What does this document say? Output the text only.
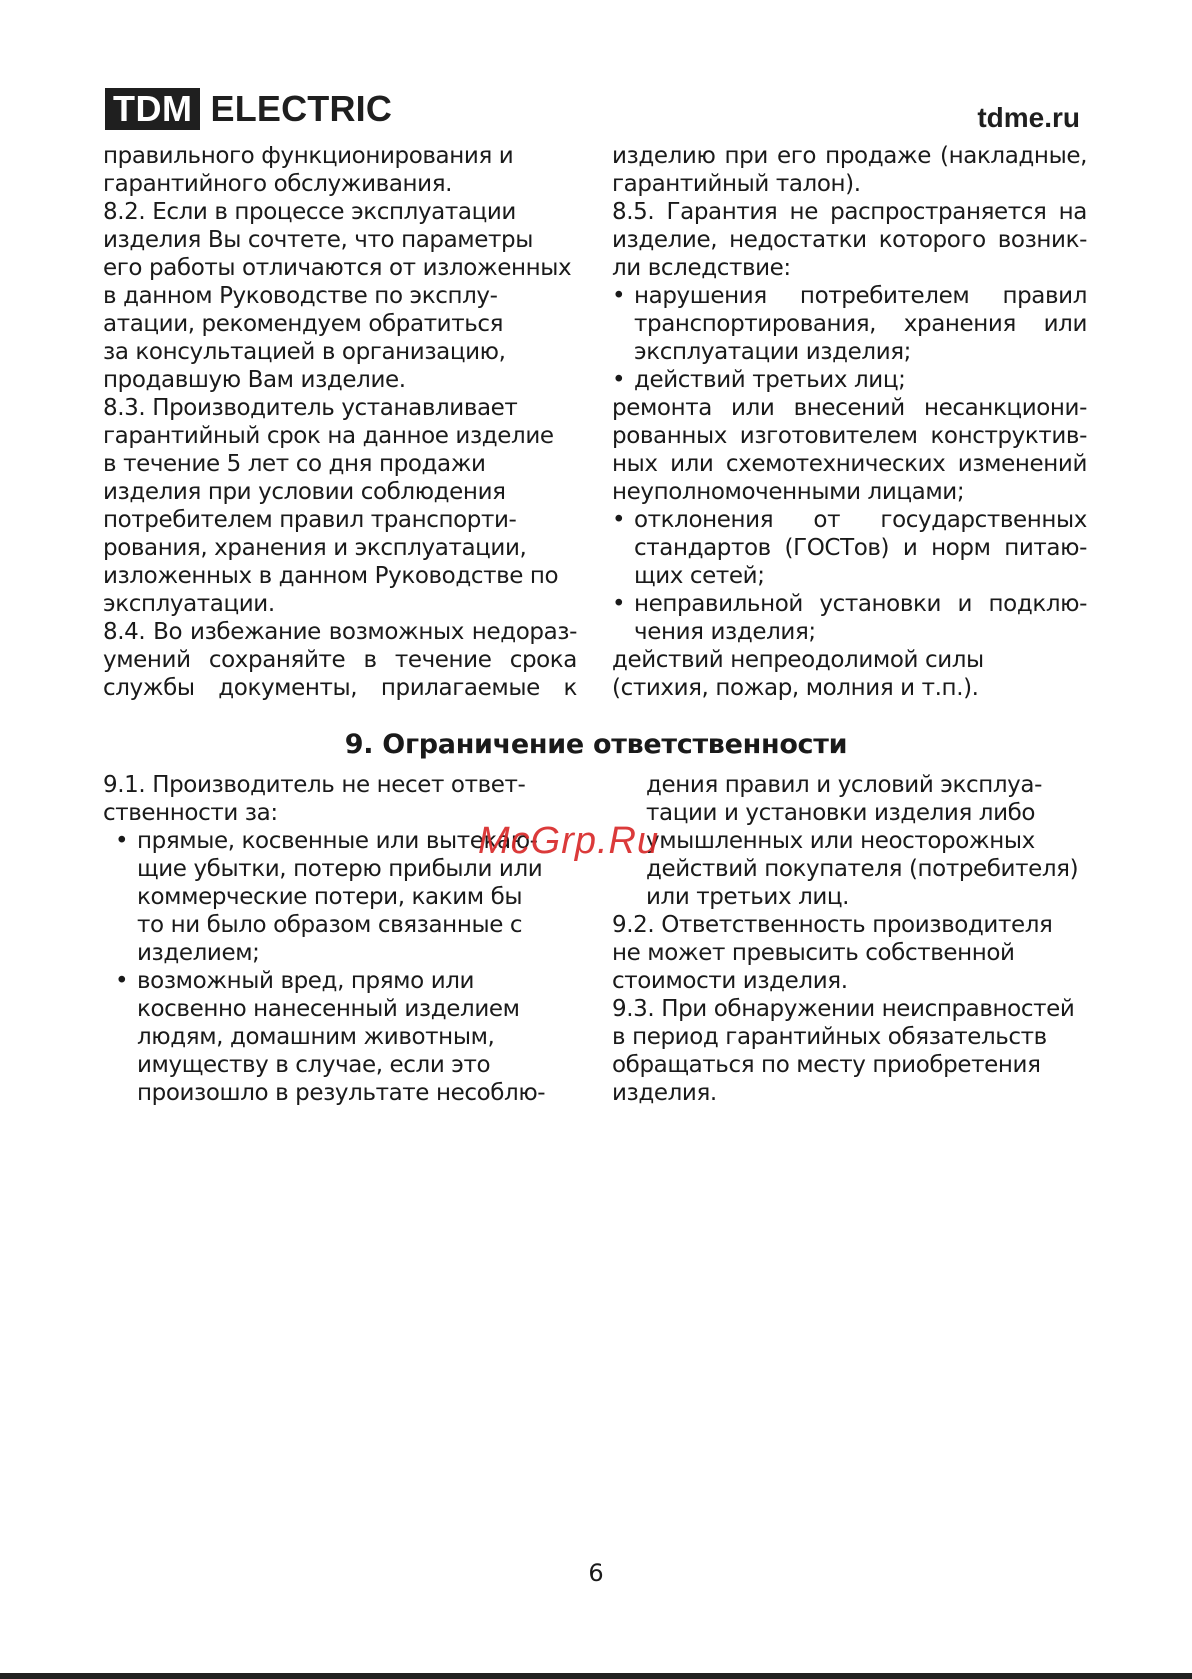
TDM ELECTRIC	tdme.ru

правильного функционирования и

гарантийного обслуживания.

8.2. Если в процессе эксплуатации

изделия Вы сочтете, что параметры

его работы отличаются от изложенных

в данном Руководстве по эксплу-

атации, рекомендуем обратиться

за консультацией в организацию,

продавшую Вам изделие.

8.3. Производитель устанавливает

гарантийный срок на данное изделие

в течение 5 лет со дня продажи

изделия при условии соблюдения

потребителем правил транспорти-

рования, хранения и эксплуатации,

изложенных в данном Руководстве по

эксплуатации.

8.4. Во избежание возможных недораз-

умений сохраняйте в течение срока

службы документы, прилагаемые к

изделию при его продаже (накладные,

гарантийный талон).

8.5. Гарантия не распространяется на

изделие, недостатки которого возник-

ли вследствие:

• нарушения потребителем правил

транспортирования, хранения или

эксплуатации изделия;

• действий третьих лиц;

ремонта или внесений несанкциони-

рованных изготовителем конструктив-

ных или схемотехнических изменений

неуполномоченными лицами;

• отклонения от государственных

стандартов (ГОСТов) и норм питаю-

щих сетей;

• неправильной установки и подклю-

чения изделия;

действий непреодолимой силы

(стихия, пожар, молния и т.п.).

9. Ограничение ответственности

9.1. Производитель не несет ответ-

ственности за:

• прямые, косвенные или вытекаю-

щие убытки, потерю прибыли или

коммерческие потери, каким бы

то ни было образом связанные с

изделием;

• возможный вред, прямо или

косвенно нанесенный изделием

людям, домашним животным,

имуществу в случае, если это

произошло в результате несоблю-

дения правил и условий эксплуа-

тации и установки изделия либо

умышленных или неосторожных

действий покупателя (потребителя)

или третьих лиц.

9.2. Ответственность производителя

не может превысить собственной

стоимости изделия.

9.3. При обнаружении неисправностей

в период гарантийных обязательств

обращаться по месту приобретения

изделия.

McGrp.Ru
6
